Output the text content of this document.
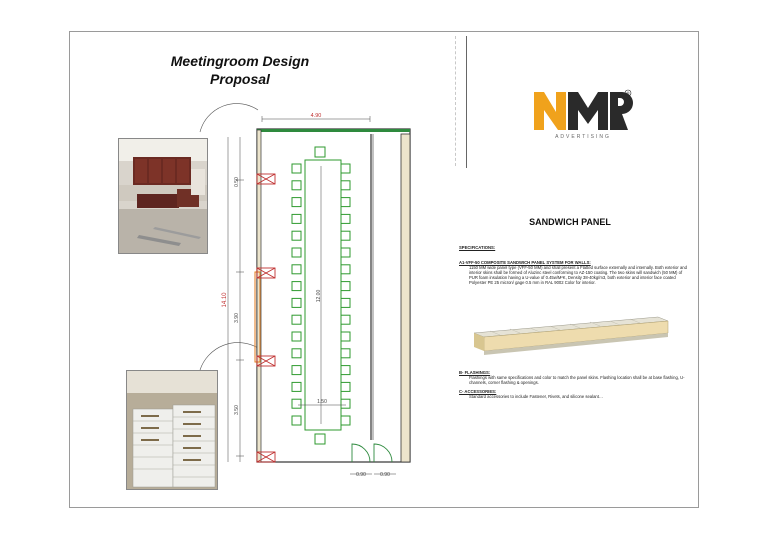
Meetingroom Design
Proposal
4.90
14.10
0.50
3.90
3.50
12.00
1.50
0.90	0.90
®
ADVERTISING
SANDWICH PANEL
SPECIFICATIONS:
A1-VFF-50 COMPOSITE SANDWICH PANEL SYSTEM FOR WALLS:
1150 MM wide panel type (VFF-50 MM) and shall present a Flatted surface externally and internally. Both exterior and interior skins shall be formed of Aluzinc steel conforming to AZ-150 coating. The two skins will sandwich (50 MM) of PUR foam insulation having a U-value of 0.45w/M²K, Density 38-40kg/m3, both exterior and interior face coated Polyester PE 25 micron/ gage 0.5 mm in RAL 9002 Color for interior.
B- FLASHINGS:
Flashings with same specifications and color to match the panel skins. Flashing location shall be at base flashing, U- channels, corner flashing & openings.
C- ACCESSORIES:
Standard accessories to include Fastener, Rivets, and silicone sealant…
